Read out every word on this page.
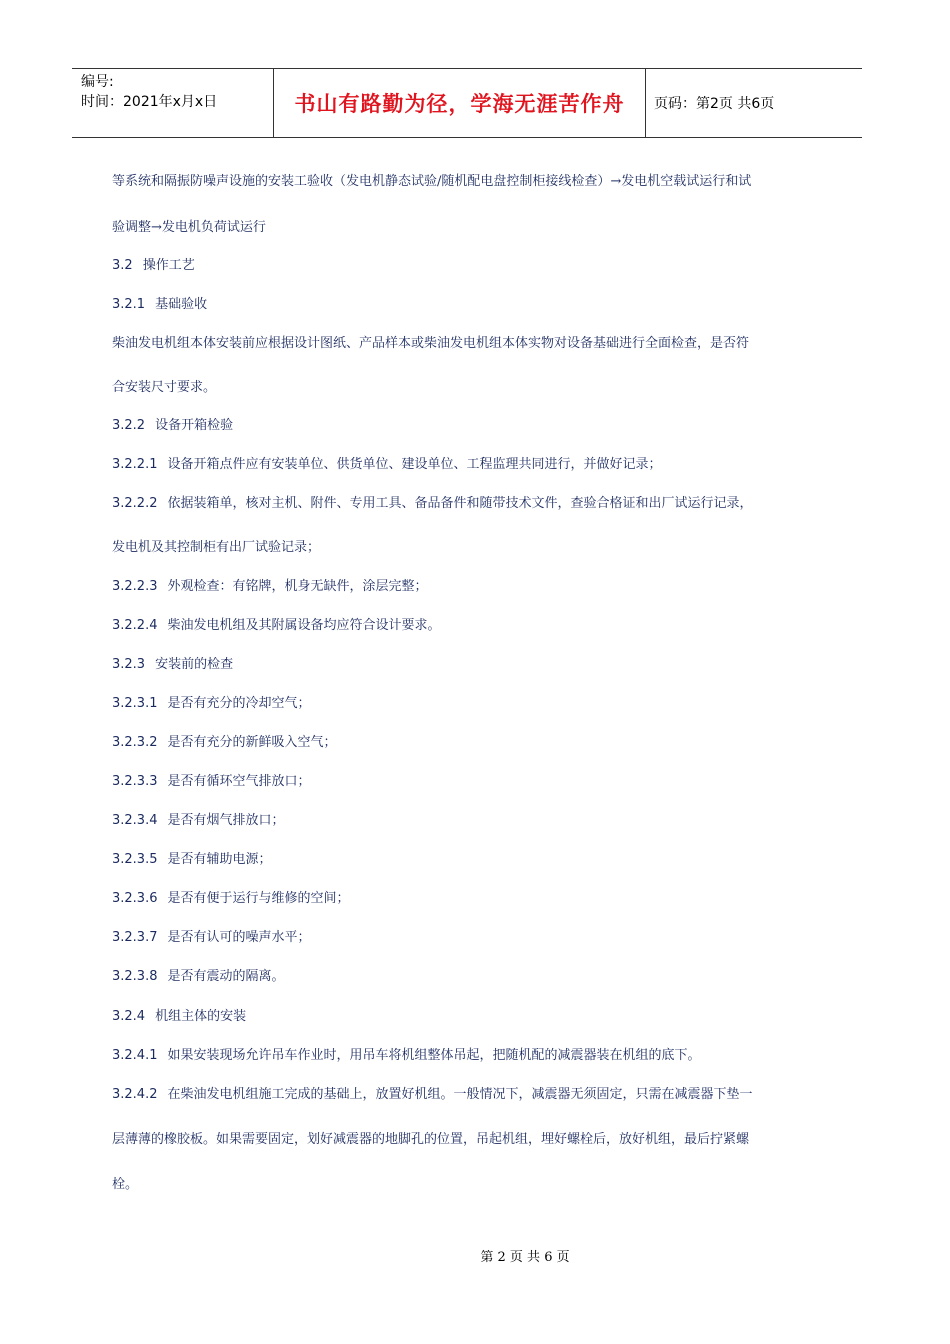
编号:
时间：2021年x月x日	书山有路勤为径，学海无涯苦作舟	页码：第2页 共6页
等系统和隔振防噪声设施的安装工验收（发电机静态试验/随机配电盘控制柜接线检查）→发电机空载试运行和试
验调整→发电机负荷试运行
3.2 操作工艺
3.2.1 基础验收
柴油发电机组本体安装前应根据设计图纸、产品样本或柴油发电机组本体实物对设备基础进行全面检查，是否符
合安装尺寸要求。
3.2.2 设备开箱检验
3.2.2.1 设备开箱点件应有安装单位、供货单位、建设单位、工程监理共同进行，并做好记录；
3.2.2.2 依据装箱单，核对主机、附件、专用工具、备品备件和随带技术文件，查验合格证和出厂试运行记录，
发电机及其控制柜有出厂试验记录；
3.2.2.3 外观检查：有铭牌，机身无缺件，涂层完整；
3.2.2.4 柴油发电机组及其附属设备均应符合设计要求。
3.2.3 安装前的检查
3.2.3.1 是否有充分的冷却空气；
3.2.3.2 是否有充分的新鲜吸入空气；
3.2.3.3 是否有循环空气排放口；
3.2.3.4 是否有烟气排放口；
3.2.3.5 是否有辅助电源；
3.2.3.6 是否有便于运行与维修的空间；
3.2.3.7 是否有认可的噪声水平；
3.2.3.8 是否有震动的隔离。
3.2.4 机组主体的安装
3.2.4.1 如果安装现场允许吊车作业时，用吊车将机组整体吊起，把随机配的减震器装在机组的底下。
3.2.4.2 在柴油发电机组施工完成的基础上，放置好机组。一般情况下，减震器无须固定，只需在减震器下垫一
层薄薄的橡胶板。如果需要固定，划好减震器的地脚孔的位置，吊起机组，埋好螺栓后，放好机组，最后拧紧螺
栓。
第 2 页 共 6 页
